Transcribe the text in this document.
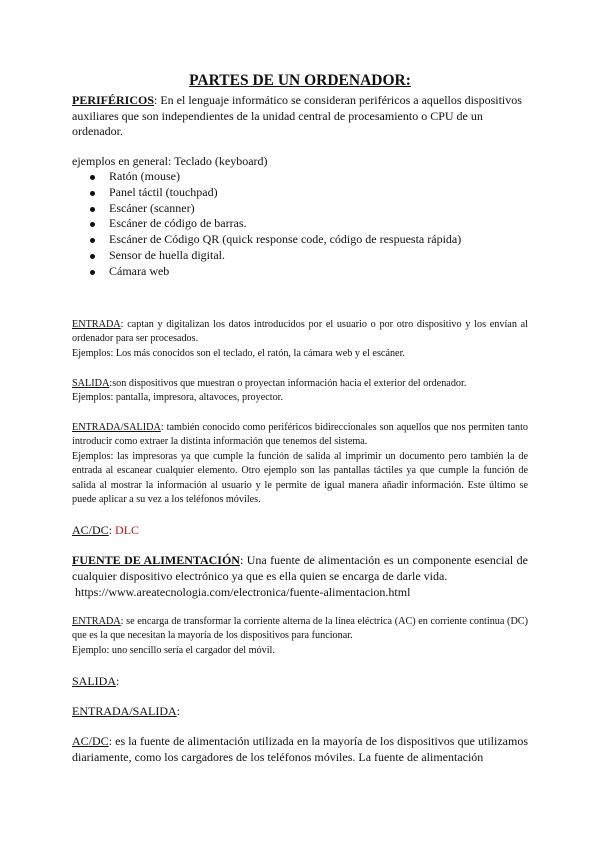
PARTES DE UN ORDENADOR:

PERIFÉRICOS: En el lenguaje informático se consideran periféricos a aquellos dispositivos auxiliares que son independientes de la unidad central de procesamiento o CPU de un ordenador.

ejemplos en general: Teclado (keyboard)

Ratón (mouse)
Panel táctil (touchpad)
Escáner (scanner)
Escáner de código de barras.
Escáner de Código QR (quick response code, código de respuesta rápida)
Sensor de huella digital.
Cámara web

ENTRADA: captan y digitalizan los datos introducidos por el usuario o por otro dispositivo y los envían al ordenador para ser procesados.

Ejemplos: Los más conocidos son el teclado, el ratón, la cámara web y el escáner.

SALIDA:son dispositivos que muestran o proyectan información hacia el exterior del ordenador.

Ejemplos: pantalla, impresora, altavoces, proyector.

ENTRADA/SALIDA: también conocido como periféricos bidireccionales son aquellos que nos permiten tanto introducir como extraer la distinta información que tenemos del sistema.

Ejemplos: las impresoras ya que cumple la función de salida al imprimir un documento pero también la de entrada al escanear cualquier elemento. Otro ejemplo son las pantallas táctiles ya que cumple la función de salida al mostrar la información al usuario y le permite de igual manera añadir información. Este último se puede aplicar a su vez a los teléfonos móviles.

AC/DC: DLC

FUENTE DE ALIMENTACIÓN: Una fuente de alimentación es un componente esencial de cualquier dispositivo electrónico ya que es ella quien se encarga de darle vida.

https://www.areatecnologia.com/electronica/fuente-alimentacion.html

ENTRADA: se encarga de transformar la corriente alterna de la línea eléctrica (AC) en corriente continua (DC) que es la que necesitan la mayoría de los dispositivos para funcionar.

Ejemplo: uno sencillo sería el cargador del móvil.

SALIDA:

ENTRADA/SALIDA:

AC/DC: es la fuente de alimentación utilizada en la mayoría de los dispositivos que utilizamos diariamente, como los cargadores de los teléfonos móviles. La fuente de alimentación
